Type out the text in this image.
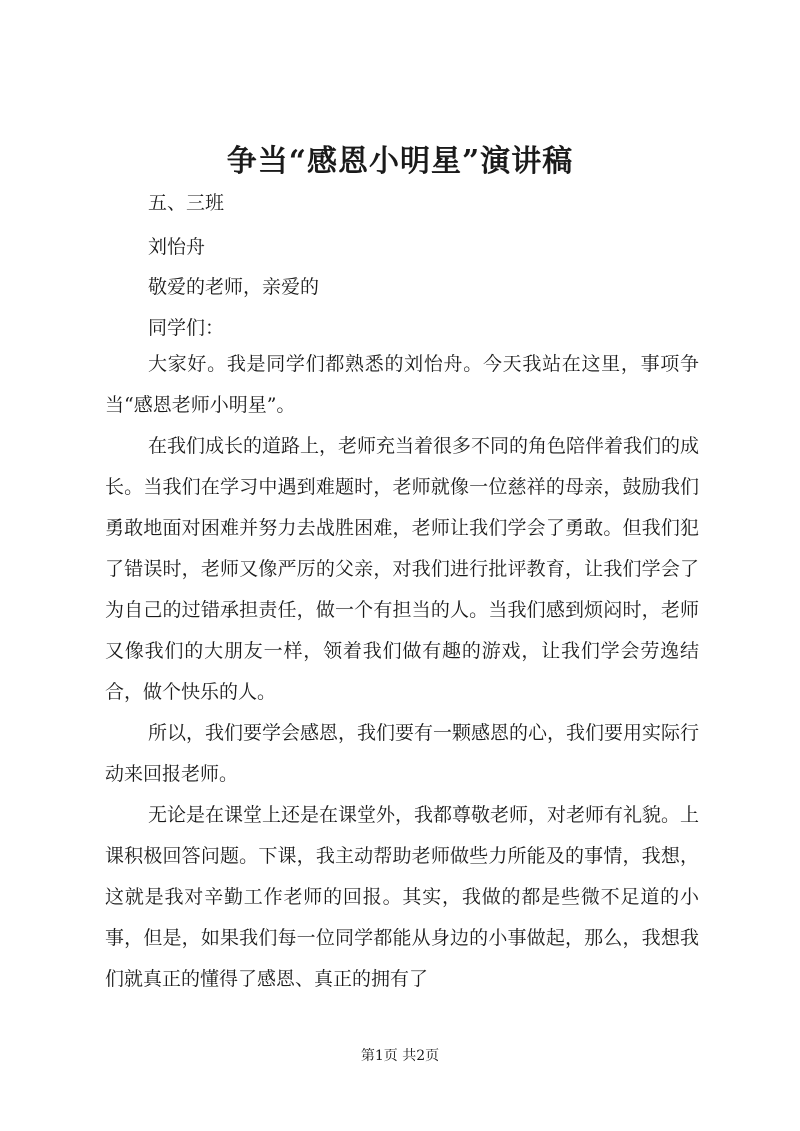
争当“感恩小明星”演讲稿
五、三班
刘怡舟
敬爱的老师，亲爱的
同学们：

大家好。我是同学们都熟悉的刘怡舟。今天我站在这里，事项争当“感恩老师小明星”。

在我们成长的道路上，老师充当着很多不同的角色陪伴着我们的成长。当我们在学习中遇到难题时，老师就像一位慈祥的母亲，鼓励我们勇敢地面对困难并努力去战胜困难，老师让我们学会了勇敢。但我们犯了错误时，老师又像严厉的父亲，对我们进行批评教育，让我们学会了为自己的过错承担责任，做一个有担当的人。当我们感到烦闷时，老师又像我们的大朋友一样，领着我们做有趣的游戏，让我们学会劳逸结合，做个快乐的人。

所以，我们要学会感恩，我们要有一颗感恩的心，我们要用实际行动来回报老师。

无论是在课堂上还是在课堂外，我都尊敬老师，对老师有礼貌。上课积极回答问题。下课，我主动帮助老师做些力所能及的事情，我想，这就是我对辛勤工作老师的回报。其实，我做的都是些微不足道的小事，但是，如果我们每一位同学都能从身边的小事做起，那么，我想我们就真正的懂得了感恩、真正的拥有了

第1页 共2页
